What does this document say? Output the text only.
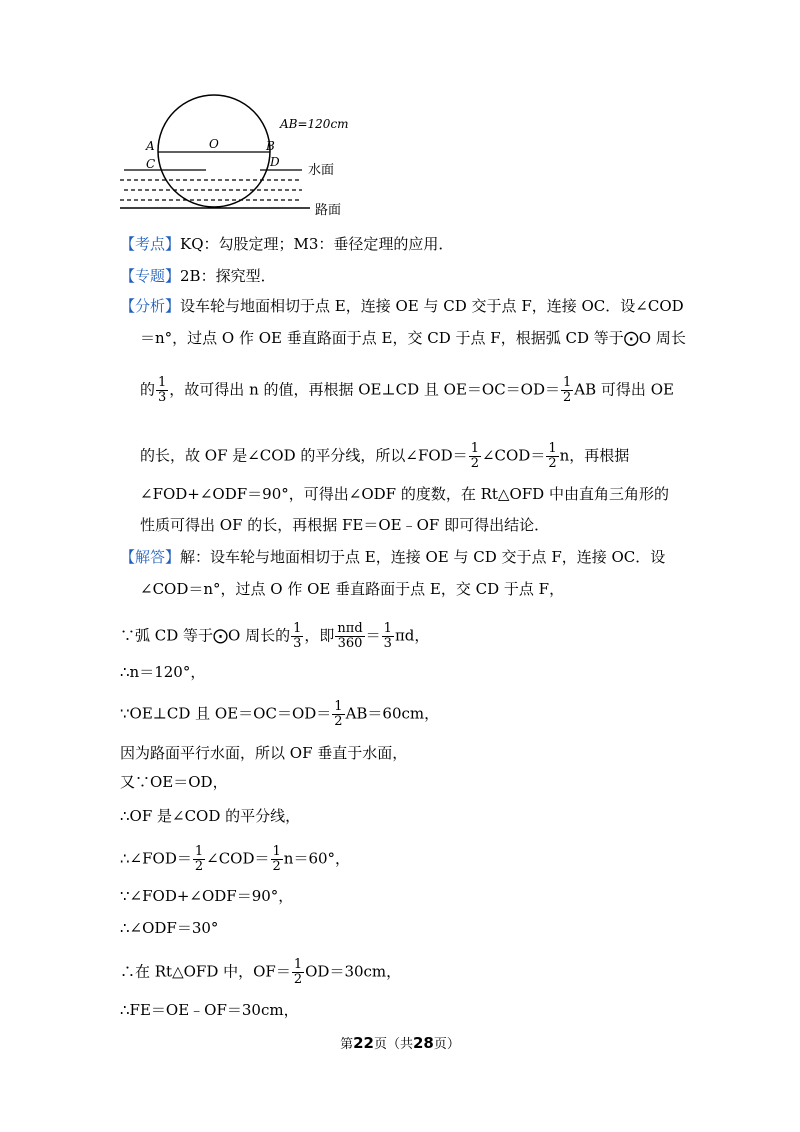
A
C
O	B
D
AB=120cm
水面
路面
【考点】KQ：勾股定理；M3：垂径定理的应用．
【专题】2B：探究型．
【分析】设车轮与地面相切于点 E，连接 OE 与 CD 交于点 F，连接 OC．设∠COD
＝n°，过点 O 作 OE 垂直路面于点 E，交 CD 于点 F，根据弧 CD 等于⨀O 周长
的 $\frac{1}{3}$ ，故可得出 n 的值，再根据 OE⊥CD 且 $OE=OC=OD= \frac{1}{2}$ AB 可得出 OE
的长，故 OF 是∠COD 的平分线，所以∠FOD＝ $\frac{1}{2}$ ∠COD＝ $\frac{1}{2}$ n，再根据
∠FOD+∠ODF＝90°，可得出∠ODF 的度数，在 Rt△OFD 中由直角三角形的
性质可得出 OF 的长，再根据 FE＝OE﹣OF 即可得出结论．
【解答】解：设车轮与地面相切于点 E，连接 OE 与 CD 交于点 F，连接 OC．设
∠COD＝n°，过点 O 作 OE 垂直路面于点 E，交 CD 于点 F，
∵弧 CD 等于⨀O 周长的 $\frac{1}{3}$ ，即 $\frac{\text{nπd}}{360} = \frac{1}{3}$ πd，
∴n＝120°，
∵OE⊥CD 且 $OE=OC=OD= \frac{1}{2} AB=60cm$，
因为路面平行水面，所以 OF 垂直于水面，
又∵OE＝OD，
∴OF 是∠COD 的平分线，
∴∠FOD＝ $\frac{1}{2}$ ∠COD＝ $\frac{1}{2} n=60^\circ$，
∵∠FOD+∠ODF＝90°，
∴∠ODF＝30°
∴在 Rt△OFD 中，$OF= \frac{1}{2} OD=30cm$，
∴FE＝OE﹣OF＝30cm，
第22页（共28页）
